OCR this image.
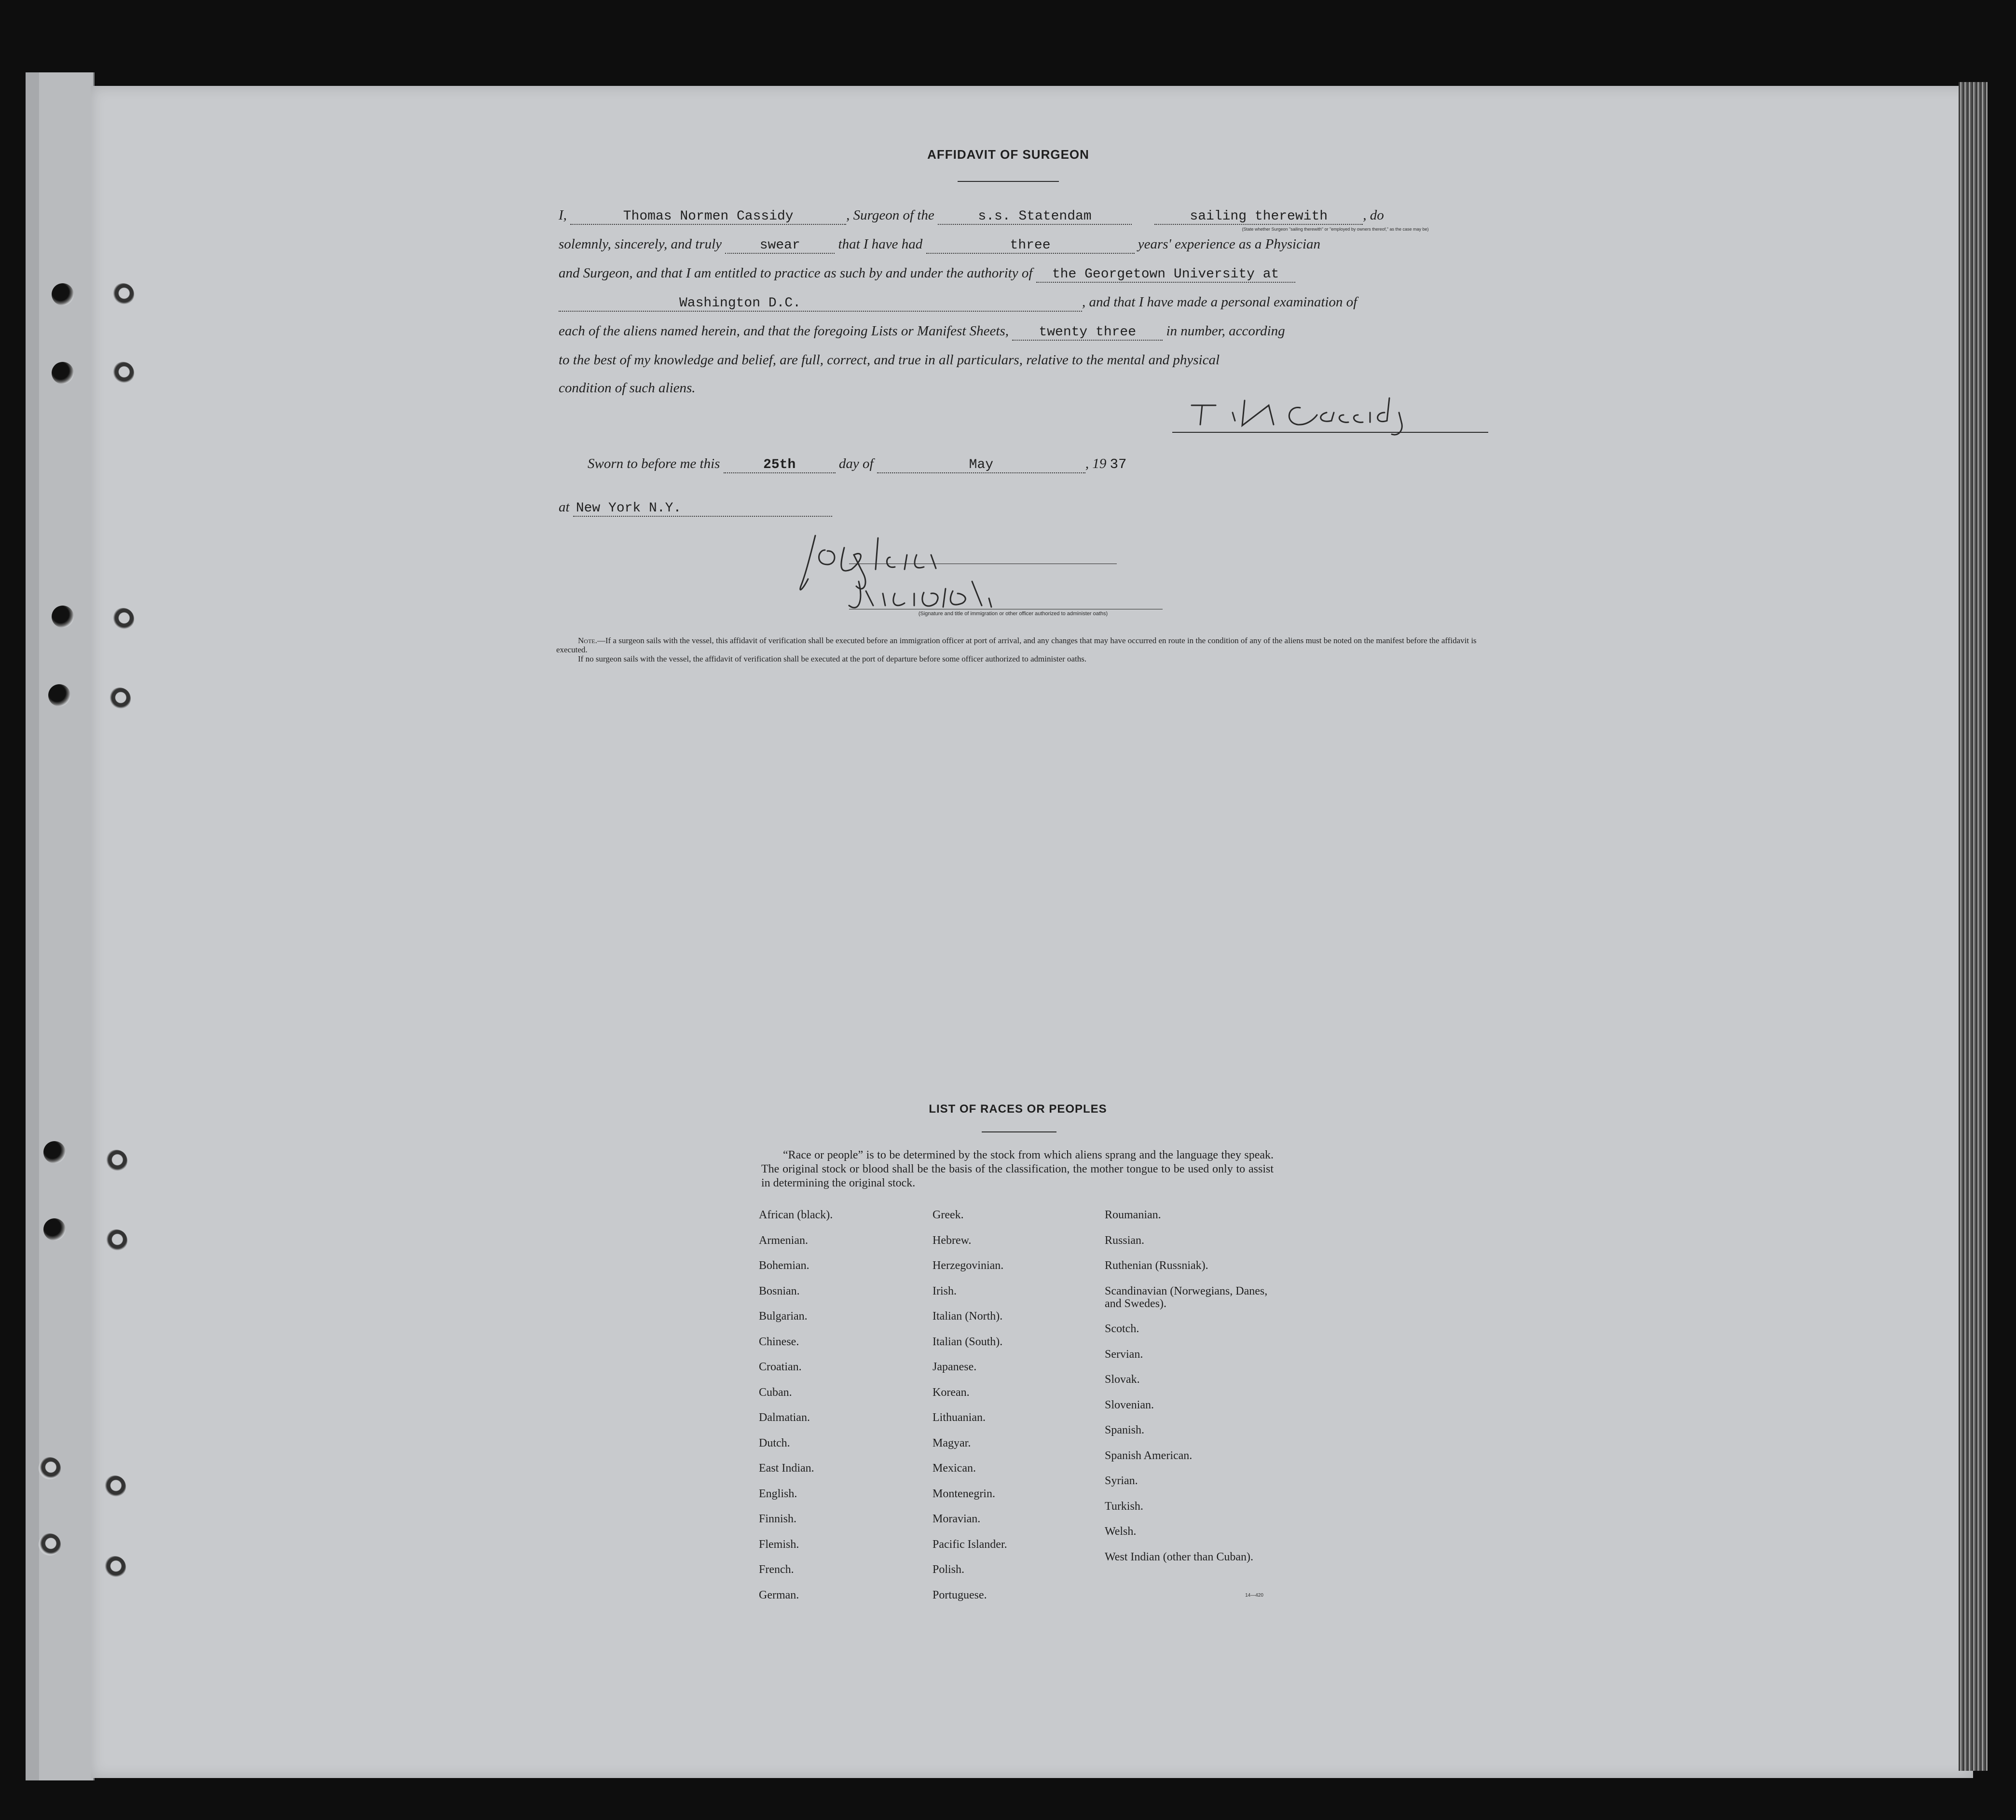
AFFIDAVIT OF SURGEON
I,	Thomas Normen Cassidy	, Surgeon of the	s.s. Statendam	sailing therewith	, do
(State whether Surgeon "sailing therewith" or "employed by owners thereof," as the case may be)
solemnly, sincerely, and truly	swear	that I have had	three	years' experience as a Physician
and Surgeon, and that I am entitled to practice as such by and under the authority of the Georgetown University at
Washington D.C.	, and that I have made a personal examination of
each of the aliens named herein, and that the foregoing Lists or Manifest Sheets, twenty three in number, according
to the best of my knowledge and belief, are full, correct, and true in all particulars, relative to the mental and physical
condition of such aliens.
Sworn to before me this	25th	day of	May	, 19 37
at New York N.Y.
(Signature and title of immigration or other officer authorized to administer oaths)
Note.—If a surgeon sails with the vessel, this affidavit of verification shall be executed before an immigration officer at port of arrival, and any changes that may have occurred en route in the condition of any of the aliens must be noted on the manifest before the affidavit is executed.
If no surgeon sails with the vessel, the affidavit of verification shall be executed at the port of departure before some officer authorized to administer oaths.
LIST OF RACES OR PEOPLES
“Race or people” is to be determined by the stock from which aliens sprang and the language they speak. The original stock or blood shall be the basis of the classification, the mother tongue to be used only to assist in determining the original stock.
African (black).
Armenian.
Bohemian.
Bosnian.
Bulgarian.
Chinese.
Croatian.
Cuban.
Dalmatian.
Dutch.
East Indian.
English.
Finnish.
Flemish.
French.
German.
Greek.
Hebrew.
Herzegovinian.
Irish.
Italian (North).
Italian (South).
Japanese.
Korean.
Lithuanian.
Magyar.
Mexican.
Montenegrin.
Moravian.
Pacific Islander.
Polish.
Portuguese.
Roumanian.
Russian.
Ruthenian (Russniak).
Scandinavian (Norwegians, Danes, and Swedes).
Scotch.
Servian.
Slovak.
Slovenian.
Spanish.
Spanish American.
Syrian.
Turkish.
Welsh.
West Indian (other than Cuban).
14—420
